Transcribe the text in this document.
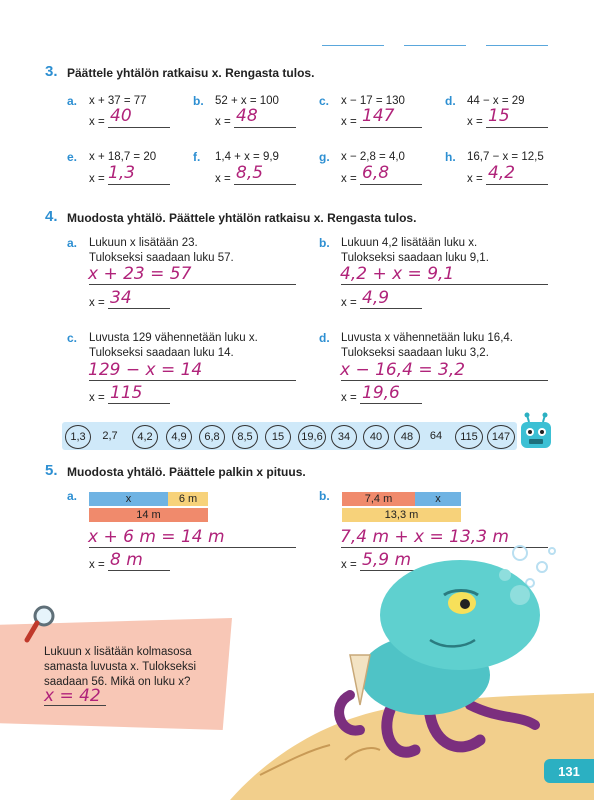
3. Päättele yhtälön ratkaisu x. Rengasta tulos.
a. x + 37 = 77
x = 40
b. 52 + x = 100
x = 48
c. x − 17 = 130
x = 147
d. 44 − x = 29
x = 15
e. x + 18,7 = 20
x = 1,3
f. 1,4 + x = 9,9
x = 8,5
g. x − 2,8 = 4,0
x = 6,8
h. 16,7 − x = 12,5
x = 4,2
4. Muodosta yhtälö. Päättele yhtälön ratkaisu x. Rengasta tulos.
a. Lukuun x lisätään 23.
Tulokseksi saadaan luku 57.
x + 23 = 57
x = 34
b. Lukuun 4,2 lisätään luku x.
Tulokseksi saadaan luku 9,1.
4,2 + x = 9,1
x = 4,9
c. Luvusta 129 vähennetään luku x.
Tulokseksi saadaan luku 14.
129 − x = 14
x = 115
d. Luvusta x vähennetään luku 16,4.
Tulokseksi saadaan luku 3,2.
x − 16,4 = 3,2
x = 19,6
1,3	2,7	4,2	4,9	6,8	8,5	15	19,6	34	40	48	64	115	147
5. Muodosta yhtälö. Päättele palkin x pituus.
a.	x	6 m
14 m
x + 6 m = 14 m
x = 8 m
b.	7,4 m	x
13,3 m
7,4 m + x = 13,3 m
x = 5,9 m
Lukuun x lisätään kolmasosa
samasta luvusta x. Tulokseksi
saadaan 56. Mikä on luku x?
x = 42
131
